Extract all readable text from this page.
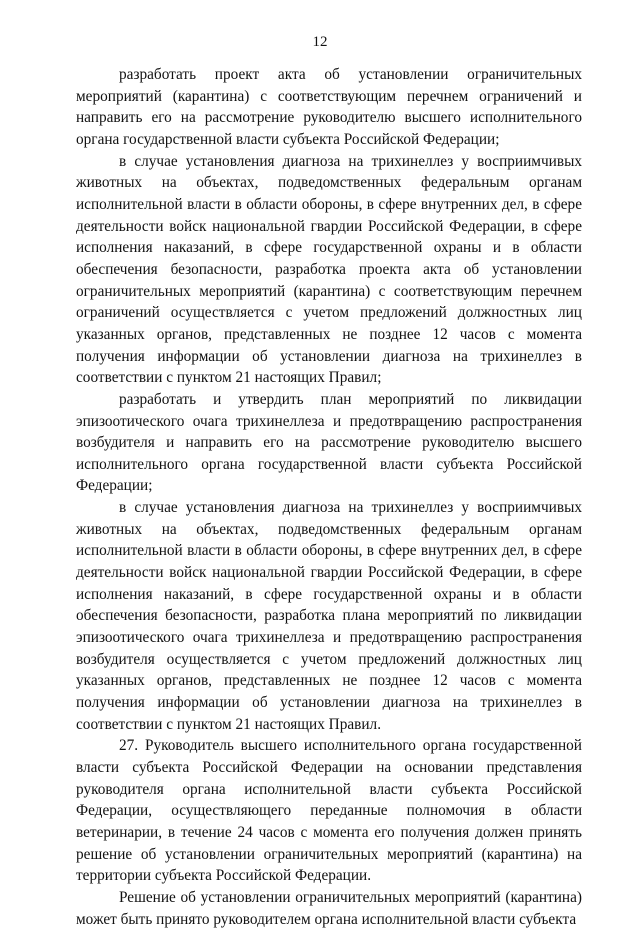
12

разработать проект акта об установлении ограничительных мероприятий (карантина) с соответствующим перечнем ограничений и направить его на рассмотрение руководителю высшего исполнительного органа государственной власти субъекта Российской Федерации;

в случае установления диагноза на трихинеллез у восприимчивых животных на объектах, подведомственных федеральным органам исполнительной власти в области обороны, в сфере внутренних дел, в сфере деятельности войск национальной гвардии Российской Федерации, в сфере исполнения наказаний, в сфере государственной охраны и в области обеспечения безопасности, разработка проекта акта об установлении ограничительных мероприятий (карантина) с соответствующим перечнем ограничений осуществляется с учетом предложений должностных лиц указанных органов, представленных не позднее 12 часов с момента получения информации об установлении диагноза на трихинеллез в соответствии с пунктом 21 настоящих Правил;

разработать и утвердить план мероприятий по ликвидации эпизоотического очага трихинеллеза и предотвращению распространения возбудителя и направить его на рассмотрение руководителю высшего исполнительного органа государственной власти субъекта Российской Федерации;

в случае установления диагноза на трихинеллез у восприимчивых животных на объектах, подведомственных федеральным органам исполнительной власти в области обороны, в сфере внутренних дел, в сфере деятельности войск национальной гвардии Российской Федерации, в сфере исполнения наказаний, в сфере государственной охраны и в области обеспечения безопасности, разработка плана мероприятий по ликвидации эпизоотического очага трихинеллеза и предотвращению распространения возбудителя осуществляется с учетом предложений должностных лиц указанных органов, представленных не позднее 12 часов с момента получения информации об установлении диагноза на трихинеллез в соответствии с пунктом 21 настоящих Правил.

27. Руководитель высшего исполнительного органа государственной власти субъекта Российской Федерации на основании представления руководителя органа исполнительной власти субъекта Российской Федерации, осуществляющего переданные полномочия в области ветеринарии, в течение 24 часов с момента его получения должен принять решение об установлении ограничительных мероприятий (карантина) на территории субъекта Российской Федерации.

Решение об установлении ограничительных мероприятий (карантина) может быть принято руководителем органа исполнительной власти субъекта
